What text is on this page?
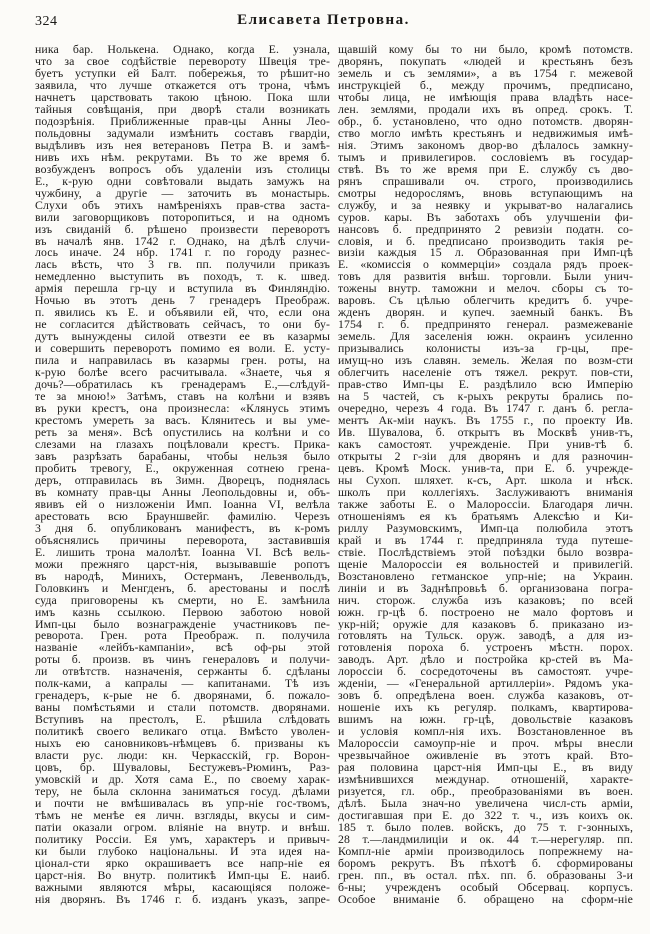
324	Елисавета Петровна.
ника бар. Нолькена. Однако, когда Е. узнала,
что за свое содѣйствіе перевороту Швеція тре-
буетъ уступки ей Балт. побережья, то рѣшит-но
заявила, что лучше откажется отъ трона, чѣмъ
начнетъ царствовать такою цѣною. Пока шли
тайныя совѣщанія, при дворѣ стали возникать
подозрѣнія. Приближенные прав-цы Анны Лео-
польдовны задумали измѣнить составъ гвардіи,
выдѣливъ изъ нея ветерановъ Петра В. и замѣ-
нивъ ихъ нѣм. рекрутами. Въ то же время б.
возбужденъ вопросъ объ удаленіи изъ столицы
Е., к-рую одни совѣтовали выдать замужъ на
чужбину, а другіе — заточить въ монастырь.
Слухи объ этихъ намѣреніяхъ прав-ства заста-
вили заговорщиковъ поторопиться, и на одномъ
изъ свиданій б. рѣшено произвести переворотъ
въ началѣ янв. 1742 г. Однако, на дѣлѣ случи-
лось иначе. 24 нбр. 1741 г. по городу разнес-
лась вѣсть, что 3 гв. пп. получили приказъ
немедленно выступить въ походъ, т. к. швед.
армія перешла гр-цу и вступила въ Финляндію.
Ночью въ этотъ день 7 гренадеръ Преображ.
п. явились къ Е. и объявили ей, что, если она
не согласится дѣйствовать сейчасъ, то они бу-
дутъ вынуждены силой отвезти ее въ казармы
и совершить переворотъ помимо ея воли. Е. усту-
пила и направилась въ казармы грен. роты, на
к-рую болѣе всего расчитывала. «Знаете, чья я
дочь?—обратилась къ гренадерамъ Е.,—слѣдуй-
те за мною!» Затѣмъ, ставъ на колѣни и взявъ
въ руки крестъ, она произнесла: «Клянусь этимъ
крестомъ умереть за васъ. Клянитесь и вы уме-
реть за меня». Всѣ опустились на колѣни и со
слезами на глазахъ поцѣловали крестъ. Прика-
завъ разрѣзать барабаны, чтобы нельзя было
пробить тревогу, Е., окруженная сотнею грена-
деръ, отправилась въ Зимн. Дворецъ, поднялась
въ комнату прав-цы Анны Леопольдовны и, объ-
явивъ ей о низложеніи Имп. Іоанна VI, велѣла
арестовать всю Брауншвейг. фамилію. Черезъ
3 дня б. опубликованъ манифестъ, въ к-ромъ
объяснялись причины переворота, заставившія
Е. лишить трона малолѣт. Іоанна VI. Всѣ вель-
можи прежняго царст-нія, вызывавшіе ропотъ
въ народѣ, Минихъ, Остерманъ, Левенвольдъ,
Головкинъ и Менгденъ, б. арестованы и послѣ
суда приговорены къ смерти, но Е. замѣнила
имъ казнь ссылкою. Первою заботою новой
Имп-цы было вознагражденіе участниковъ пе-
реворота. Грен. рота Преображ. п. получила
названіе «лейбъ-кампаніи», всѣ оф-ры этой
роты б. произв. въ чинъ генераловъ и получи-
ли отвѣтств. назначенія, сержанты б. сдѣланы
полк-ками, а капралы — капитанами. Тѣ изъ
гренадеръ, к-рые не б. дворянами, б. пожало-
ваны помѣстьями и стали потомств. дворянами.
Вступивъ на престолъ, Е. рѣшила слѣдовать
политикѣ своего великаго отца. Вмѣсто уволен-
ныхъ ею сановниковъ-нѣмцевъ б. призваны къ
власти рус. люди: кн. Черкасскій, гр. Ворон-
цовъ, бр. Шуваловы, Бестужевъ-Рюминъ, Раз-
умовскій и др. Хотя сама Е., по своему харак-
теру, не была склонна заниматься госуд. дѣлами
и почти не вмѣшивалась въ упр-ніе гос-твомъ,
тѣмъ не менѣе ея личн. взгляды, вкусы и сим-
патіи оказали огром. вліяніе на внутр. и внѣш.
политику Россіи. Ея умъ, характеръ и привыч-
ки были глубоко національны. И эта идея на-
ціонал-сти ярко окрашиваетъ все напр-ніе ея
царст-нія. Во внутр. политикѣ Имп-цы Е. наиб.
важными являются мѣры, касающіяся положе-
нія дворянъ. Въ 1746 г. б. изданъ указъ, запре-
щавшій кому бы то ни было, кромѣ потомств.
дворянъ, покупать «людей и крестьянъ безъ
земель и съ землями», а въ 1754 г. межевой
инструкціей б., между прочимъ, предписано,
чтобы лица, не имѣющія права владѣть насе-
лен. землями, продали ихъ въ опред. срокъ. Т.
обр., б. установлено, что одно потомств. дворян-
ство могло имѣть крестьянъ и недвижимыя имѣ-
нія. Этимъ закономъ двор-во дѣлалось замкну-
тымъ и привилегиров. сословіемъ въ государ-
ствѣ. Въ то же время при Е. службу съ дво-
рянъ спрашивали оч. строго, производились
смотры недорослямъ, вновь вступающимъ на
службу, и за неявку и укрыват-во налагались
суров. кары. Въ заботахъ объ улучшеніи фи-
нансовъ б. предпринято 2 ревизіи податн. со-
словія, и б. предписано производить такія ре-
визіи каждыя 15 л. Образованная при Имп-цѣ
Е. «комиссія о коммерціи» создала рядъ проек-
товъ для развитія внѣш. торговли. Были унич-
тожены внутр. таможни и мелоч. сборы съ то-
варовъ. Съ цѣлью облегчить кредитъ б. учре-
жденъ дворян. и купеч. заемный банкъ. Въ
1754 г. б. предпринято генерал. размежеваніе
земель. Для заселенія южн. окраинъ усиленно
призывались колонисты изъ-за гр-цы, пре-
имущ-но изъ славян. земель. Желая по возм-сти
облегчить населеніе отъ тяжел. рекрут. пов-сти,
прав-ство Имп-цы Е. раздѣлило всю Имперію
на 5 частей, съ к-рыхъ рекруты брались по-
очередно, черезъ 4 года. Въ 1747 г. данъ б. регла-
ментъ Ак-міи наукъ. Въ 1755 г., по проекту Ив.
Ив. Шувалова, б. открытъ въ Москвѣ унив-тъ,
какъ самостоят. учрежденіе. При унив-тѣ б.
открыты 2 г-зіи для дворянъ и для разночин-
цевъ. Кромѣ Моск. унив-та, при Е. б. учрежде-
ны Сухоп. шляхет. к-съ, Арт. школа и нѣск.
школъ при коллегіяхъ. Заслуживаютъ вниманія
также заботы Е. о Малороссіи. Благодаря личн.
отношеніямъ ея къ братьямъ Алексѣю и Ки-
риллу Разумовскимъ, Имп-ца полюбила этотъ
край и въ 1744 г. предприняла туда путеше-
ствіе. Послѣдствіемъ этой поѣздки было возвра-
щеніе Малороссіи ея вольностей и привилегій.
Возстановлено гетманское упр-ніе; на Украин.
линіи и въ Заднѣпровьѣ б. организована погра-
нич. сторож. служба изъ казаковъ; по всей
южн. гр-цѣ б. построено не мало фортовъ и
укр-ній; оружіе для казаковъ б. приказано из-
готовлять на Тульск. оруж. заводѣ, а для из-
готовленія пороха б. устроенъ мѣстн. порох.
заводъ. Арт. дѣло и постройка кр-стей въ Ма-
лороссіи б. сосредоточены въ самостоят. учре-
жденіи, — «Генеральной артиллеріи». Рядомъ ука-
зовъ б. опредѣлена воен. служба казаковъ, от-
ношеніе ихъ къ регуляр. полкамъ, квартирова-
вшимъ на южн. гр-цѣ, довольствіе казаковъ
и условія компл-нія ихъ. Возстановленное въ
Малороссіи самоупр-ніе и проч. мѣры внесли
чрезвычайное оживленіе въ этотъ край. Вто-
рая половина царст-нія Имп-цы Е., въ виду
измѣнившихся междунар. отношеній, характе-
ризуется, гл. обр., преобразованіями въ воен.
дѣлѣ. Была знач-но увеличена числ-сть арміи,
достигавшая при Е. до 322 т. ч., изъ коихъ ок.
185 т. было полев. войскъ, до 75 т. г-зонныхъ,
28 т.—ландмилиціи и ок. 44 т.—нерегуляр. пп.
Компл-ніе арміи производилось попрежнему на-
боромъ рекрутъ. Въ пѣхотѣ б. сформированы
грен. пп., въ остал. пѣх. пп. б. образованы 3-и
б-ны; учрежденъ особый Обсервац. корпусъ.
Особое вниманіе б. обращено на сформ-ніе
